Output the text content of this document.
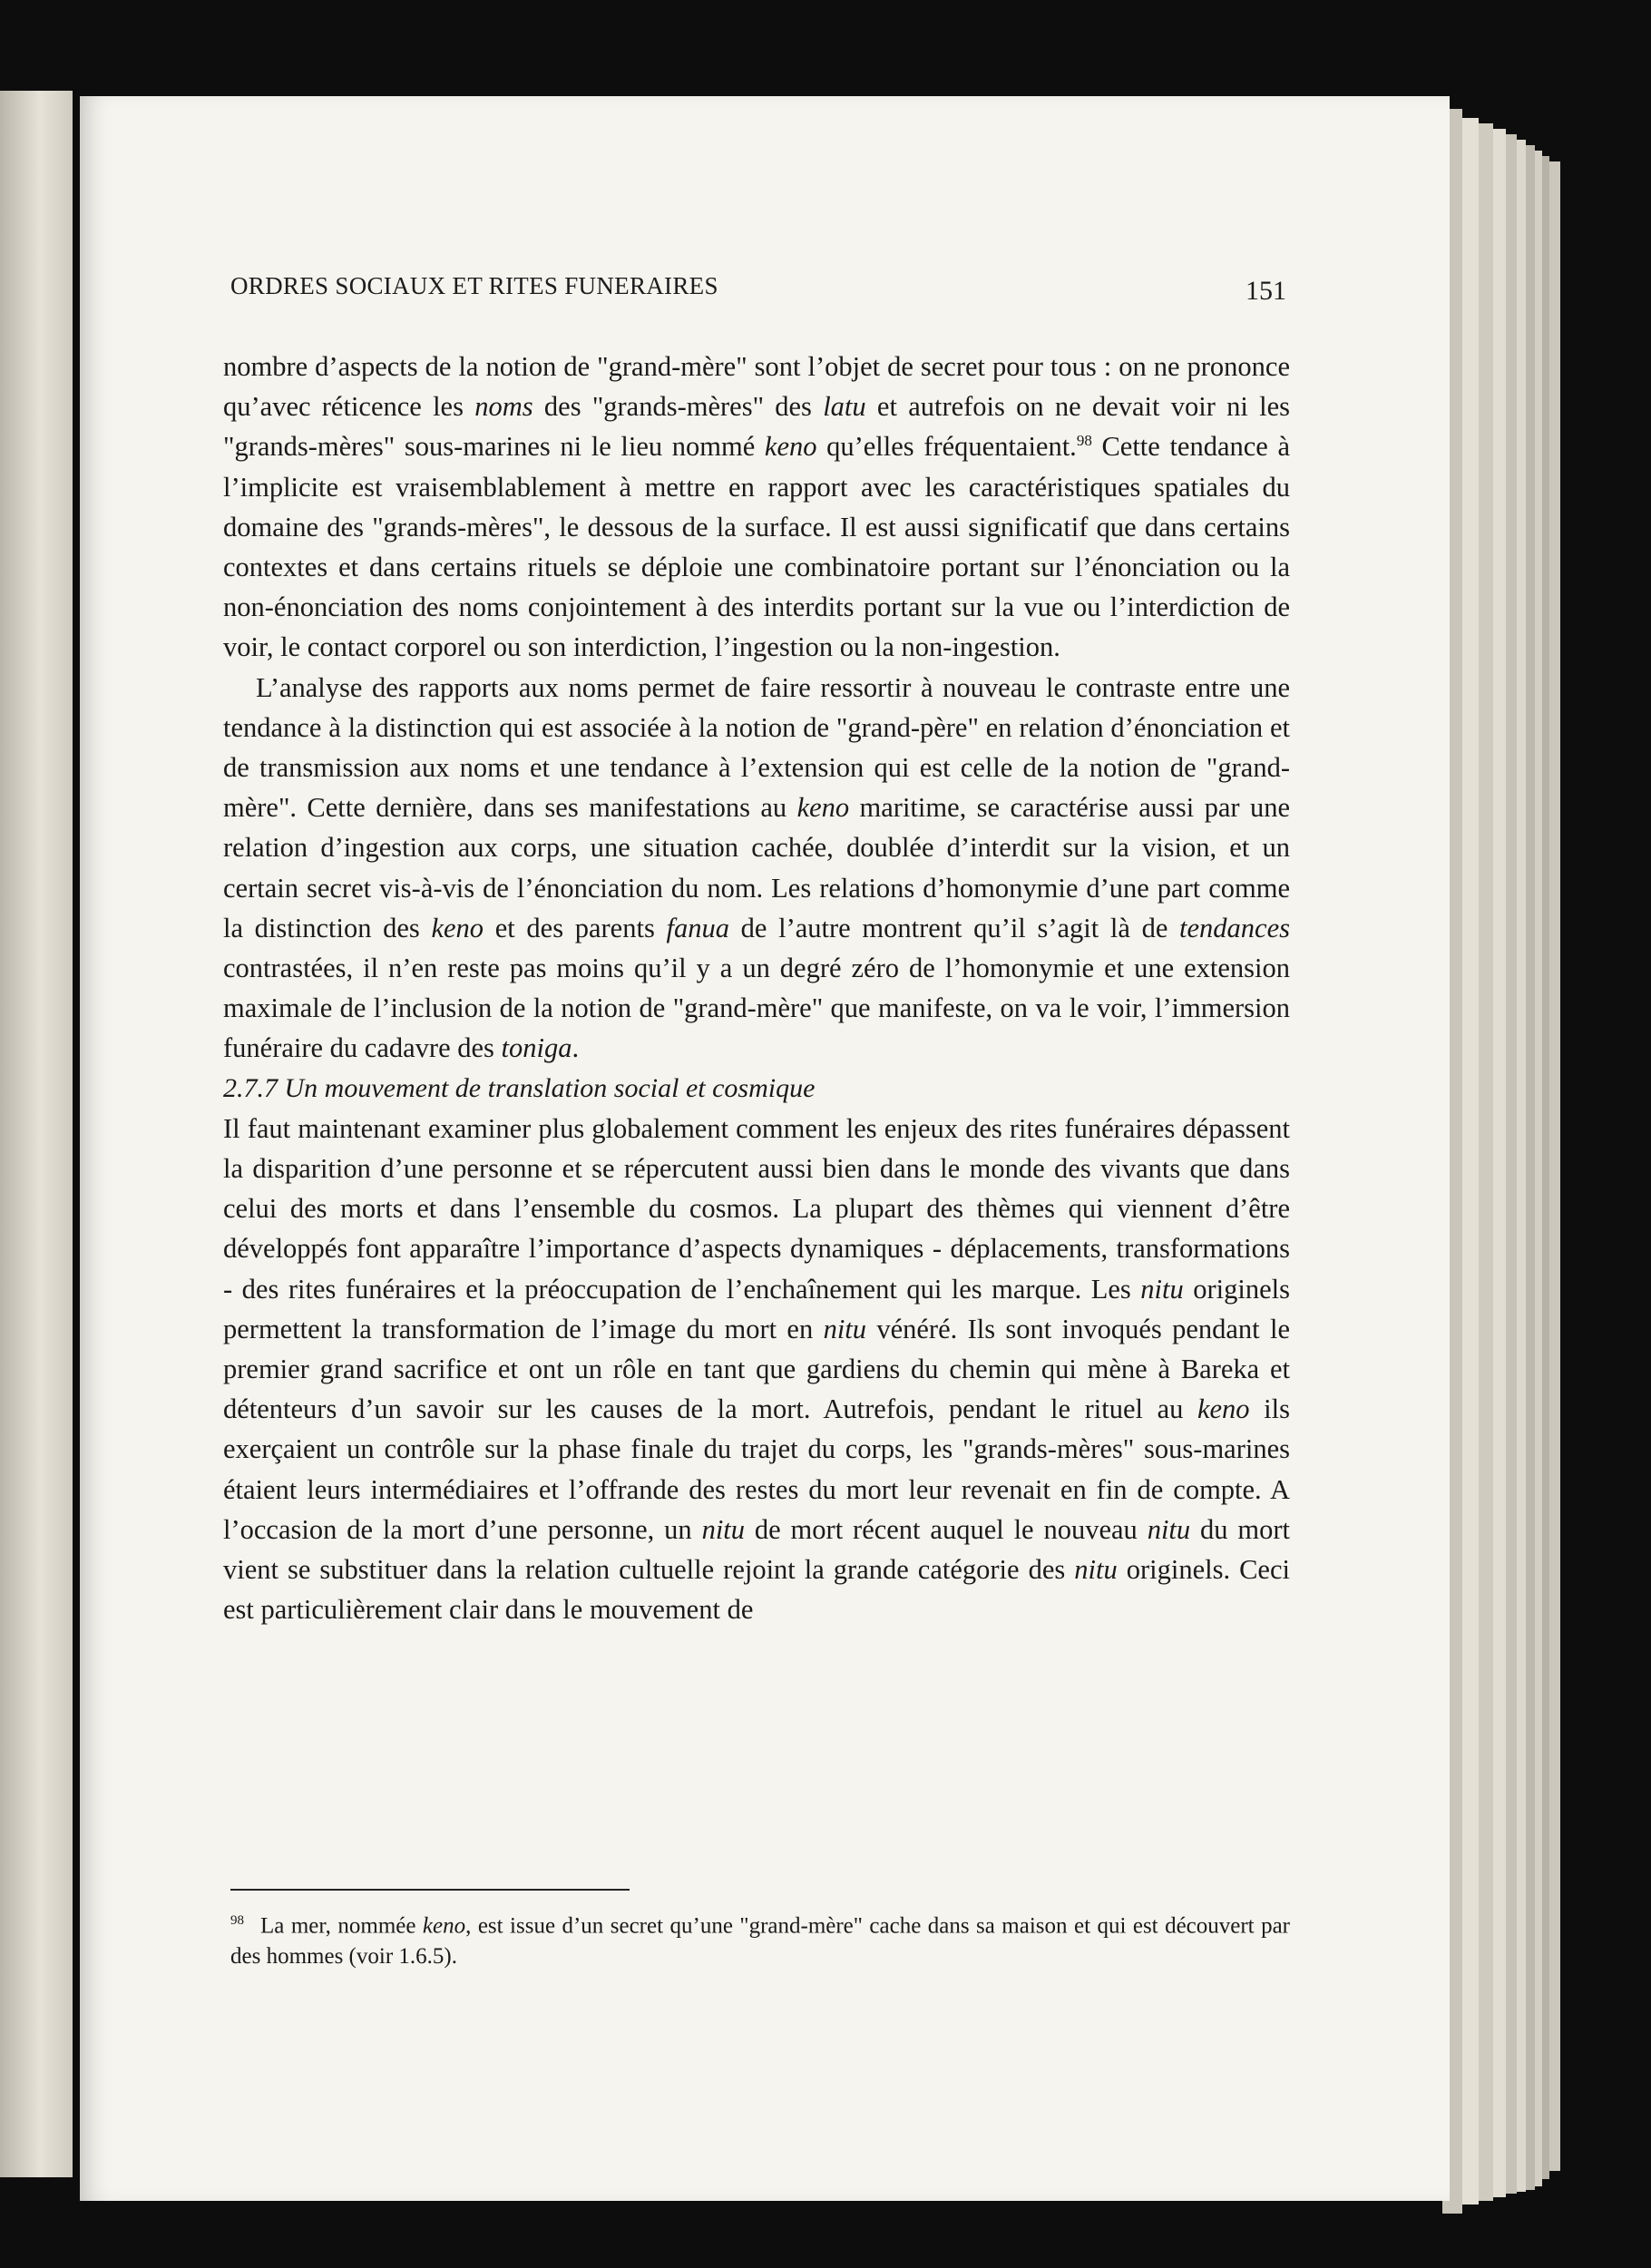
ORDRES SOCIAUX ET RITES FUNERAIRES	151

nombre d’aspects de la notion de "grand-mère" sont l’objet de secret pour tous : on ne prononce qu’avec réticence les noms des "grands-mères" des latu et autrefois on ne devait voir ni les "grands-mères" sous-marines ni le lieu nommé keno qu’elles fréquentaient.$^{98}$ Cette tendance à l’implicite est vraisemblablement à mettre en rapport avec les caractéristiques spatiales du domaine des "grands-mères", le dessous de la surface. Il est aussi significatif que dans certains contextes et dans certains rituels se déploie une combinatoire portant sur l’énonciation ou la non-énonciation des noms conjointement à des interdits portant sur la vue ou l’interdiction de voir, le contact corporel ou son interdiction, l’ingestion ou la non-ingestion.

L’analyse des rapports aux noms permet de faire ressortir à nouveau le contraste entre une tendance à la distinction qui est associée à la notion de "grand-père" en relation d’énonciation et de transmission aux noms et une tendance à l’extension qui est celle de la notion de "grand-mère". Cette dernière, dans ses manifestations au keno maritime, se caractérise aussi par une relation d’ingestion aux corps, une situation cachée, doublée d’interdit sur la vision, et un certain secret vis-à-vis de l’énonciation du nom. Les relations d’homonymie d’une part comme la distinction des keno et des parents fanua de l’autre montrent qu’il s’agit là de tendances contrastées, il n’en reste pas moins qu’il y a un degré zéro de l’homonymie et une extension maximale de l’inclusion de la notion de "grand-mère" que manifeste, on va le voir, l’immersion funéraire du cadavre des toniga.

2.7.7 Un mouvement de translation social et cosmique

Il faut maintenant examiner plus globalement comment les enjeux des rites funéraires dépassent la disparition d’une personne et se répercutent aussi bien dans le monde des vivants que dans celui des morts et dans l’ensemble du cosmos. La plupart des thèmes qui viennent d’être développés font apparaître l’importance d’aspects dynamiques - déplacements, transformations - des rites funéraires et la préoccupation de l’enchaînement qui les marque. Les nitu originels permettent la transformation de l’image du mort en nitu vénéré. Ils sont invoqués pendant le premier grand sacrifice et ont un rôle en tant que gardiens du chemin qui mène à Bareka et détenteurs d’un savoir sur les causes de la mort. Autrefois, pendant le rituel au keno ils exerçaient un contrôle sur la phase finale du trajet du corps, les "grands-mères" sous-marines étaient leurs intermédiaires et l’offrande des restes du mort leur revenait en fin de compte. A l’occasion de la mort d’une personne, un nitu de mort récent auquel le nouveau nitu du mort vient se substituer dans la relation cultuelle rejoint la grande catégorie des nitu originels. Ceci est particulièrement clair dans le mouvement de

$^{98}$ La mer, nommée keno, est issue d’un secret qu’une "grand-mère" cache dans sa maison et qui est découvert par des hommes (voir 1.6.5).
